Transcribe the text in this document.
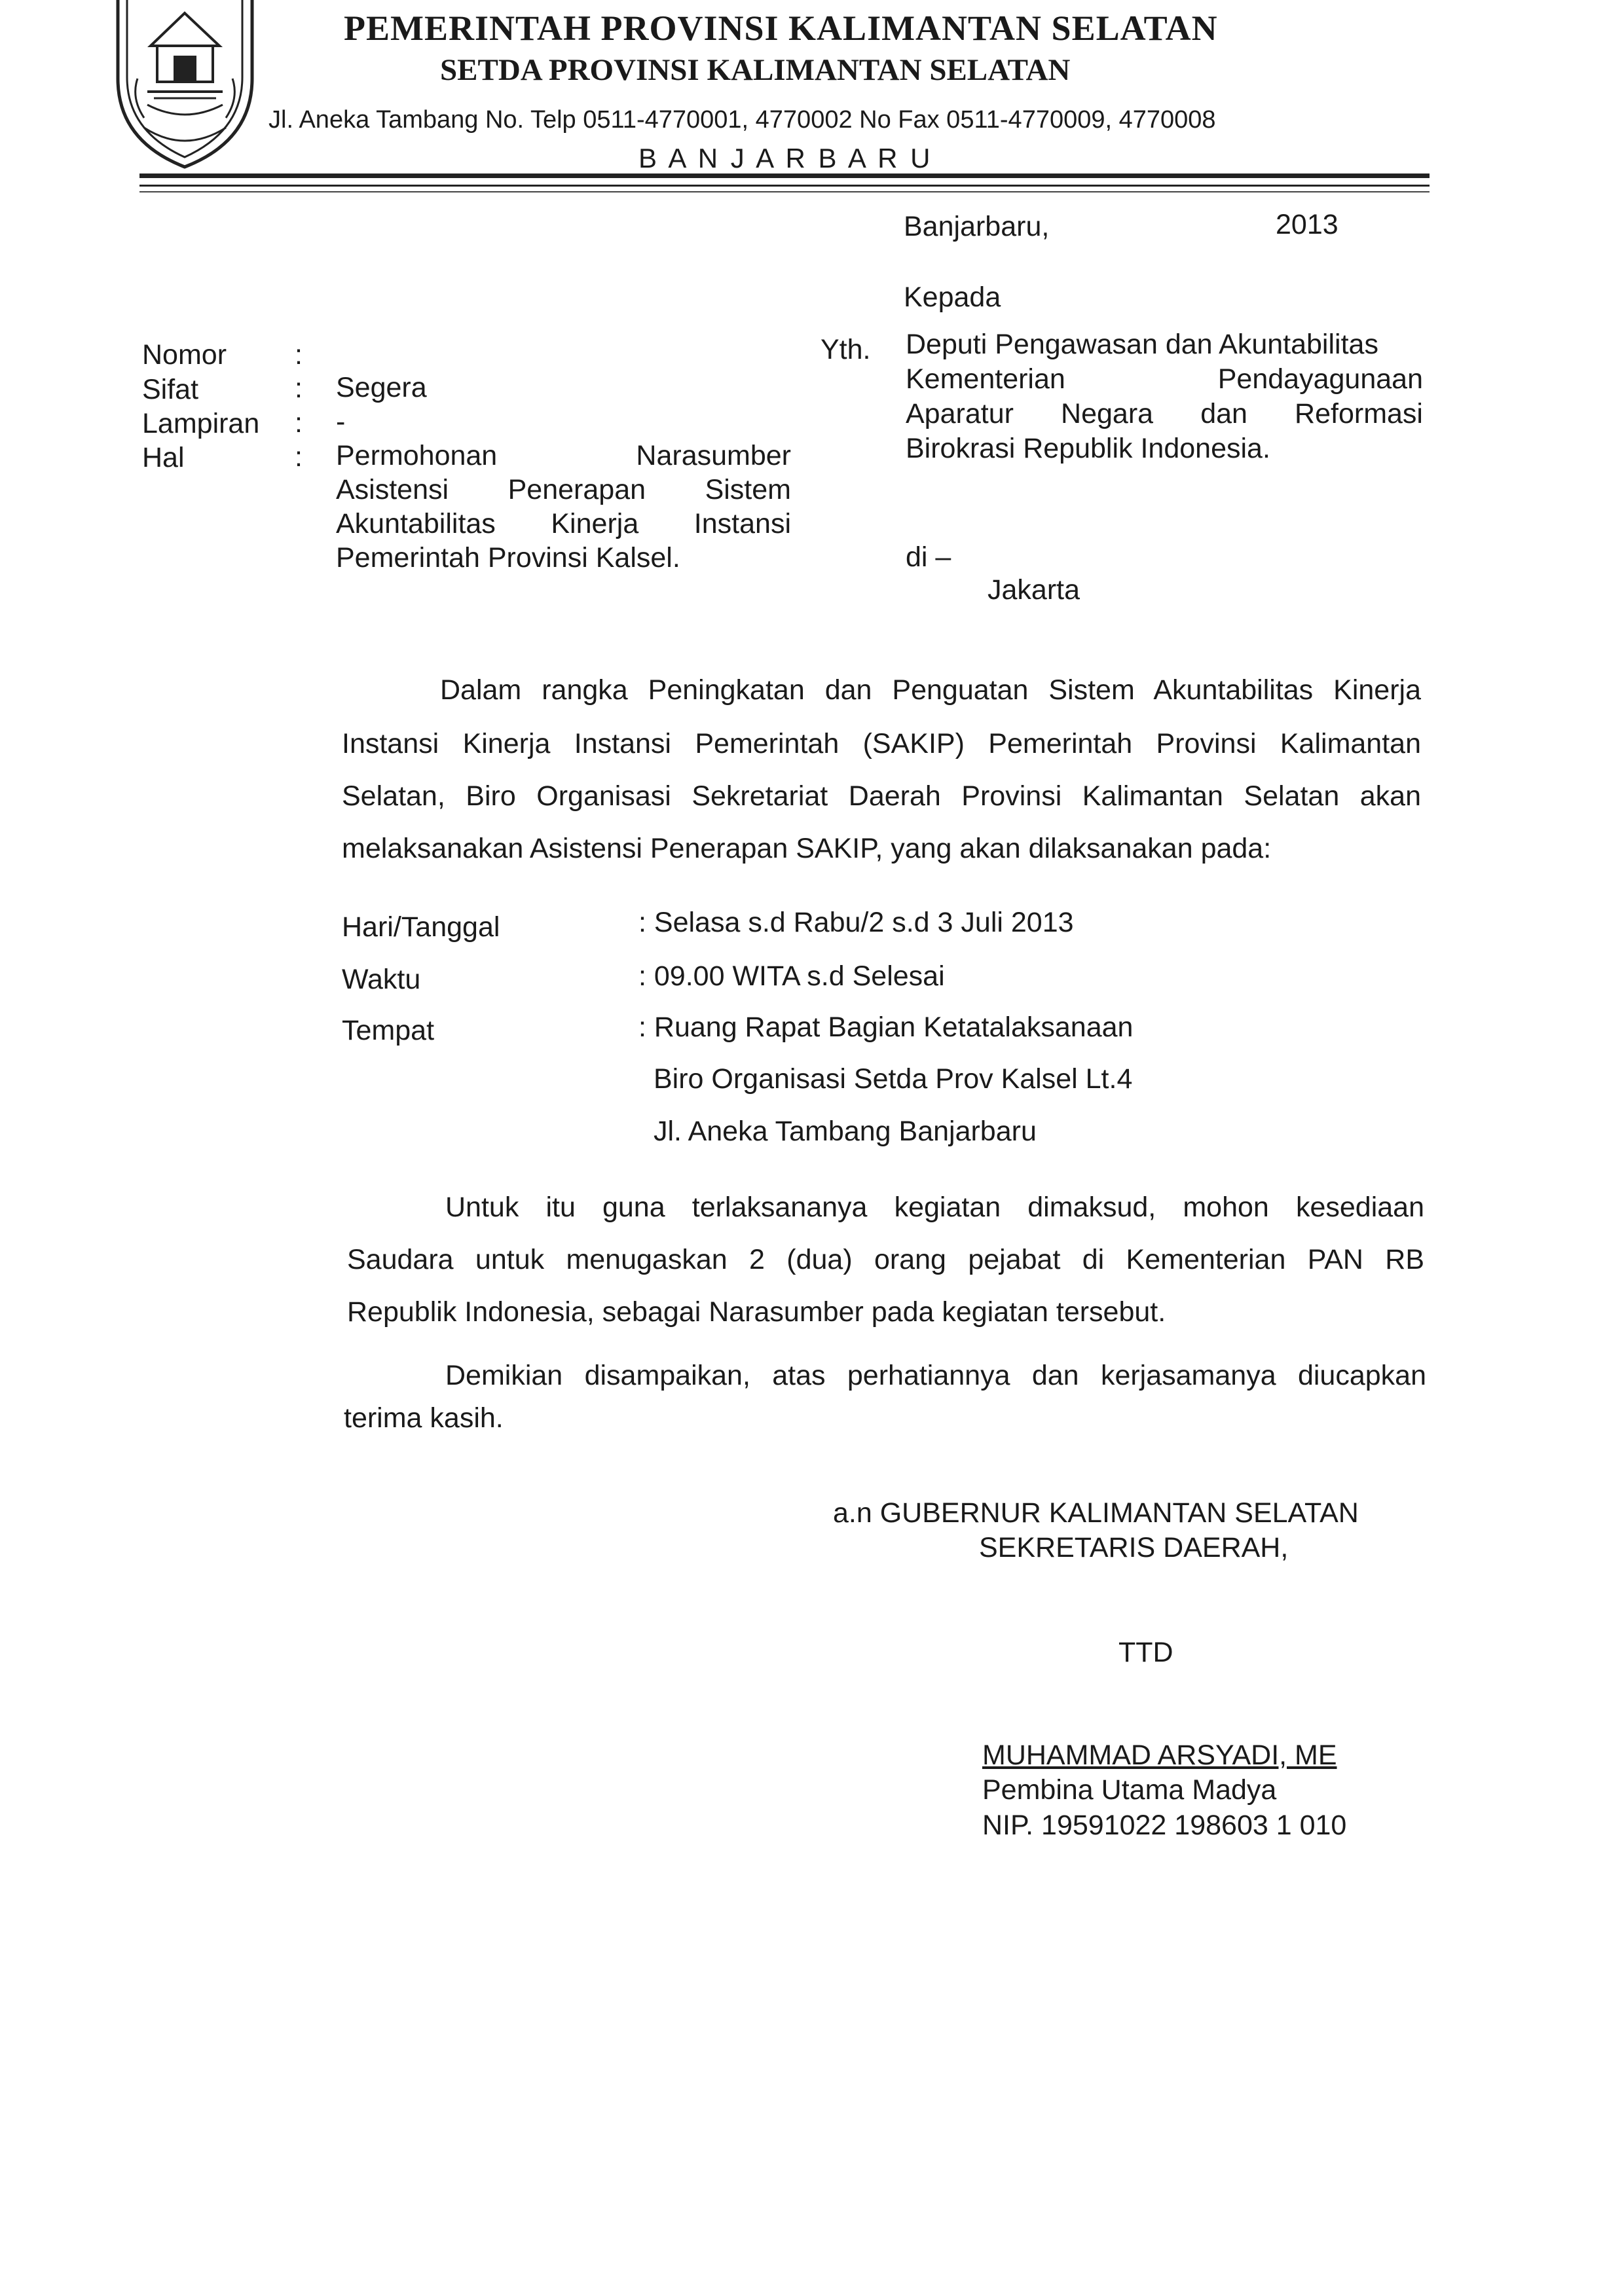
PEMERINTAH PROVINSI KALIMANTAN SELATAN
SETDA PROVINSI KALIMANTAN SELATAN
Jl. Aneka Tambang No. Telp 0511-4770001, 4770002 No Fax 0511-4770009, 4770008
B A N J A R B A R U
Banjarbaru,	2013
Kepada
Yth. Deputi Pengawasan dan Akuntabilitas
Kementerian Pendayagunaan
Aparatur Negara dan Reformasi
Birokrasi Republik Indonesia.
di –
Jakarta
Nomor :
Sifat	: Segera
Lampiran : -
Hal	: Permohonan Narasumber
Asistensi Penerapan Sistem
Akuntabilitas Kinerja Instansi
Pemerintah Provinsi Kalsel.
Dalam rangka Peningkatan dan Penguatan Sistem Akuntabilitas Kinerja
Instansi Kinerja Instansi Pemerintah (SAKIP) Pemerintah Provinsi Kalimantan
Selatan, Biro Organisasi Sekretariat Daerah Provinsi Kalimantan Selatan akan
melaksanakan Asistensi Penerapan SAKIP, yang akan dilaksanakan pada:
Hari/Tanggal	: Selasa s.d Rabu/2 s.d 3 Juli 2013
Waktu	: 09.00 WITA s.d Selesai
Tempat	: Ruang Rapat Bagian Ketatalaksanaan
Biro Organisasi Setda Prov Kalsel Lt.4
Jl. Aneka Tambang Banjarbaru
Untuk itu guna terlaksananya kegiatan dimaksud, mohon kesediaan
Saudara untuk menugaskan 2 (dua) orang pejabat di Kementerian PAN RB
Republik Indonesia, sebagai Narasumber pada kegiatan tersebut.
Demikian disampaikan, atas perhatiannya dan kerjasamanya diucapkan
terima kasih.
a.n GUBERNUR KALIMANTAN SELATAN
SEKRETARIS DAERAH,
TTD
MUHAMMAD ARSYADI, ME
Pembina Utama Madya
NIP. 19591022 198603 1 010
